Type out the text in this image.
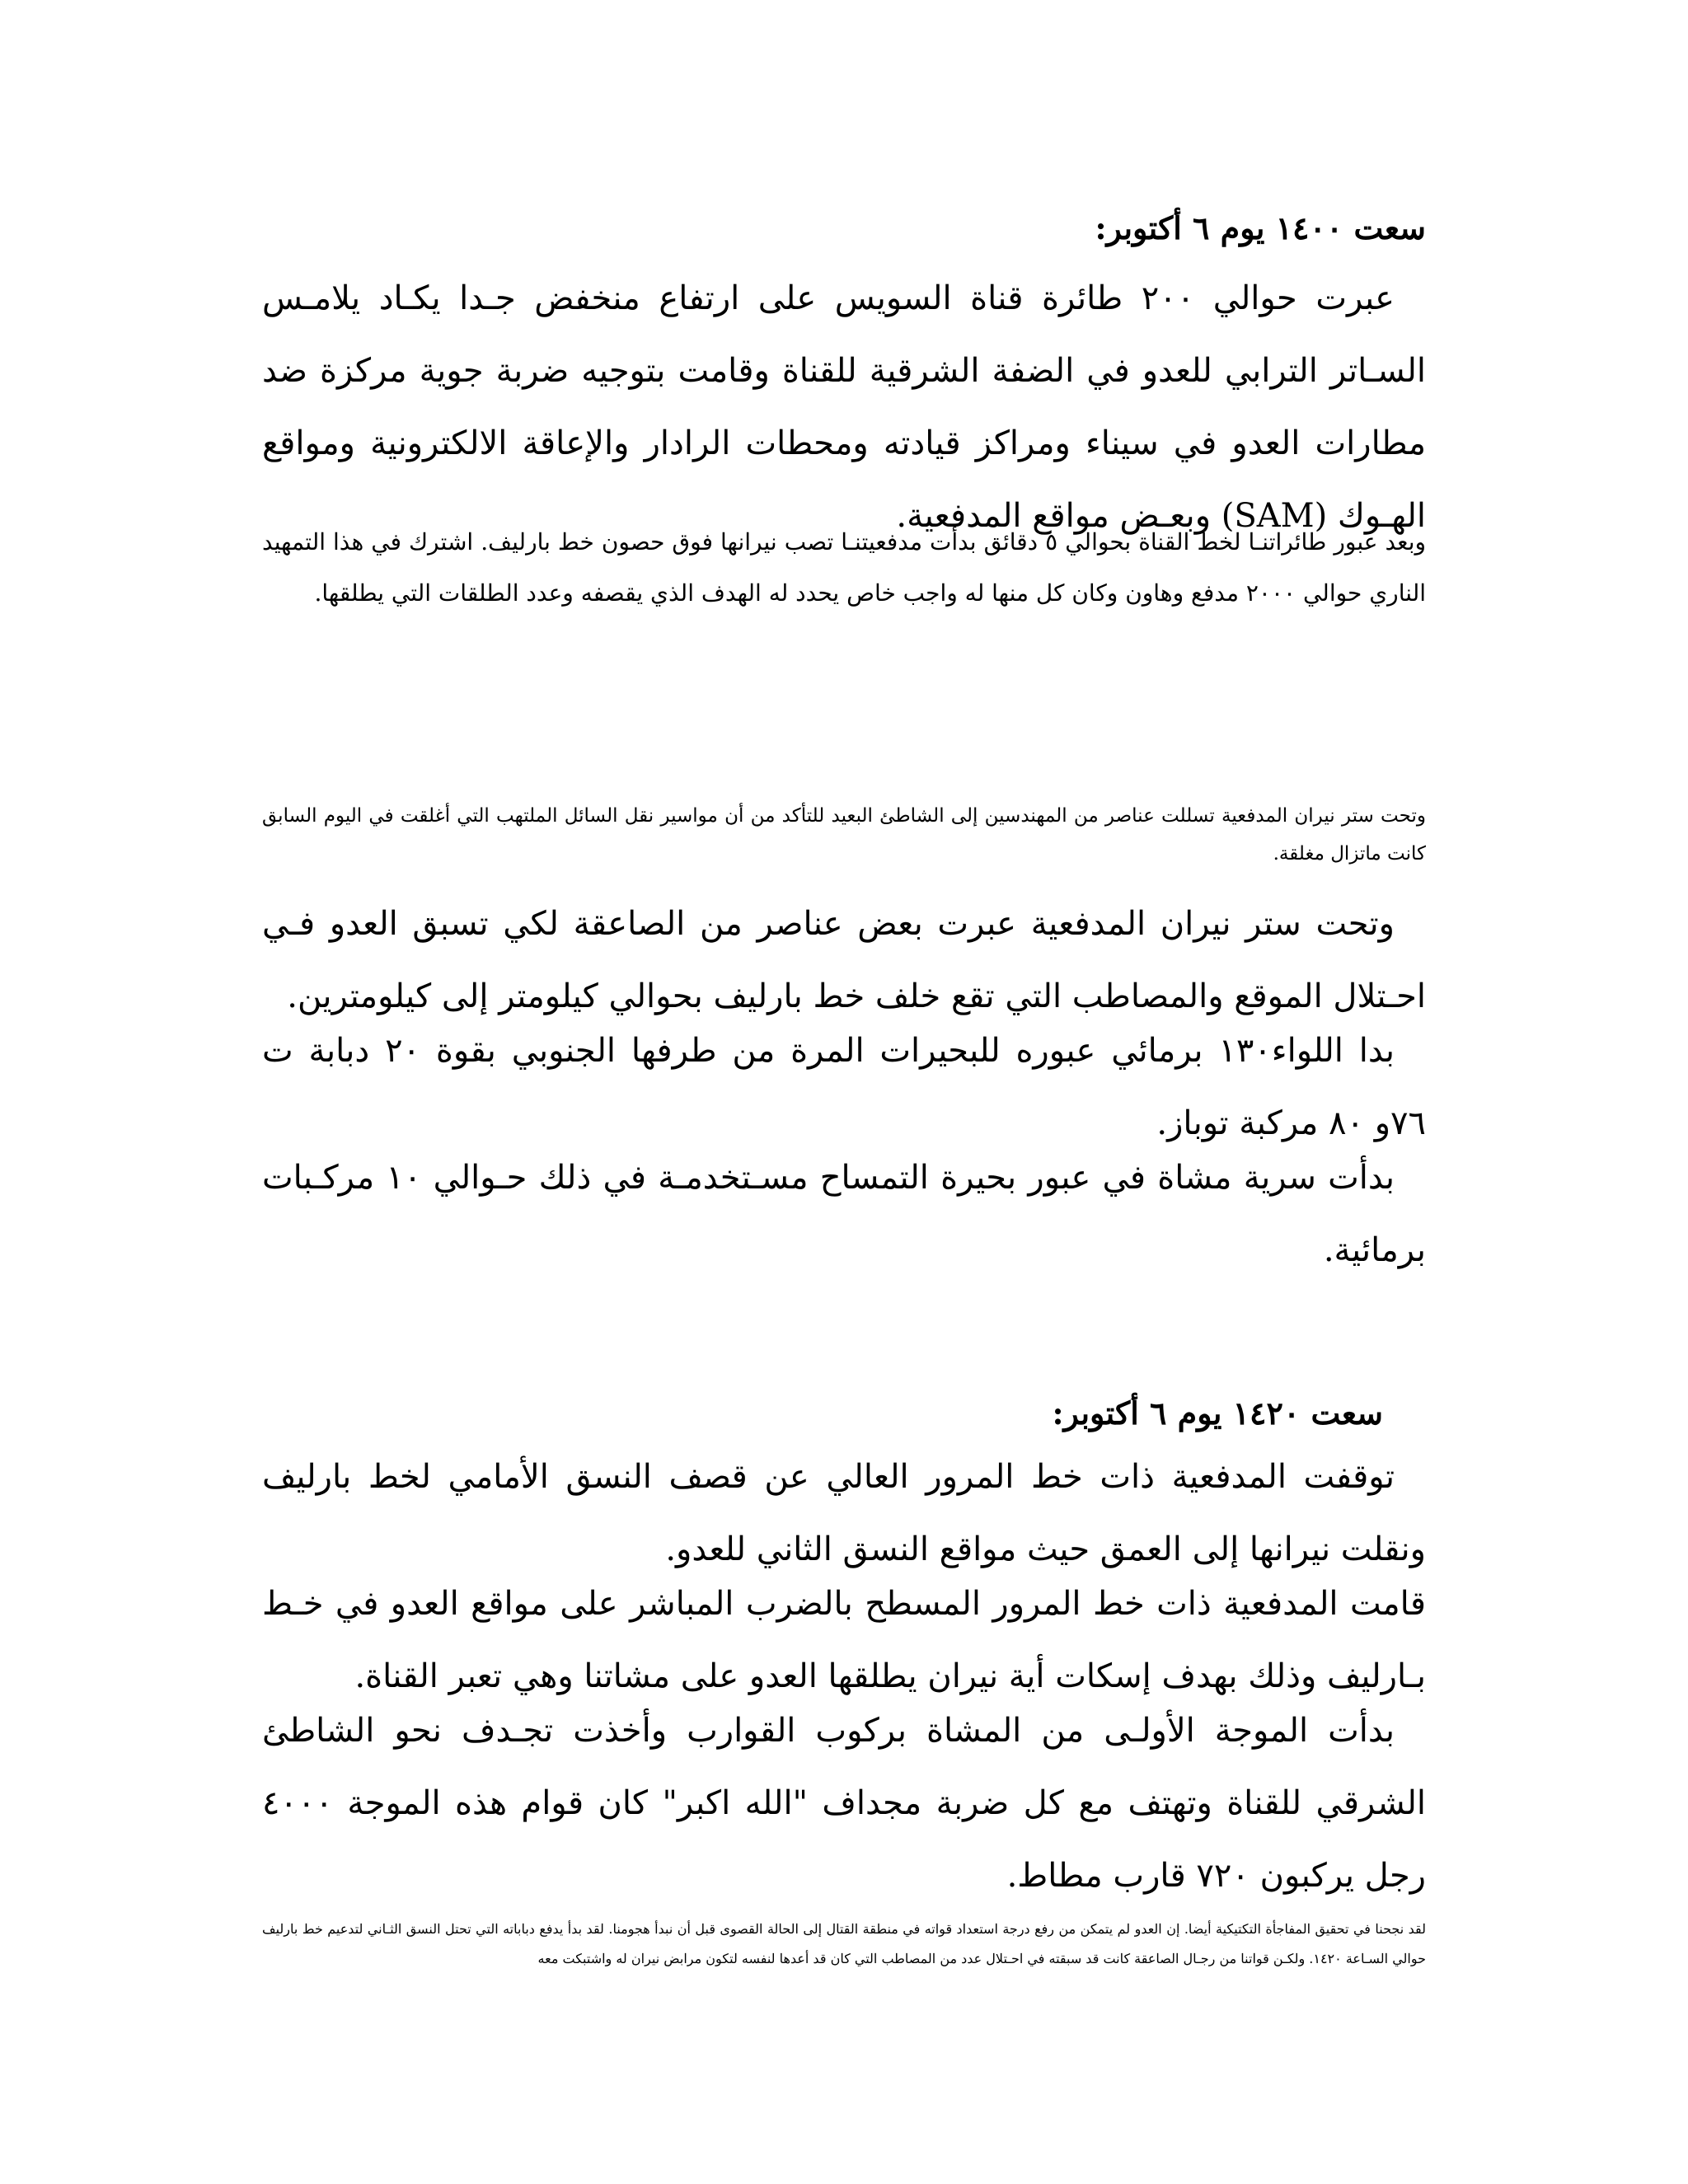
سعت ١٤٠٠ يوم ٦ أكتوبر:

عبرت حوالي ٢٠٠ طائرة قناة السويس على ارتفاع منخفض جـدا يكـاد يلامـس السـاتر الترابي للعدو في الضفة الشرقية للقناة وقامت بتوجيه ضربة جوية مركزة ضد مطارات العدو في سيناء ومراكز قيادته ومحطات الرادار والإعاقة الالكترونية ومواقع الهـوك (SAM) وبعـض مواقع المدفعية.

وبعد عبور طائراتنـا لخط القناة بحوالي ٥ دقائق بدأت مدفعيتنـا تصب نيرانها فوق حصون خط بارليف. اشترك في هذا التمهيد الناري حوالي ٢٠٠٠ مدفع وهاون وكان كل منها له واجب خاص يحدد له الهدف الذي يقصفه وعدد الطلقات التي يطلقها.

وتحت ستر نيران المدفعية تسللت عناصر من المهندسين إلى الشاطئ البعيد للتأكد من أن مواسير نقل السائل الملتهب التي أغلقت في اليوم السابق كانت ماتزال مغلقة.

وتحت ستر نيران المدفعية عبرت بعض عناصر من الصاعقة لكي تسبق العدو فـي احـتلال الموقع والمصاطب التي تقع خلف خط بارليف بحوالي كيلومتر إلى كيلومترين.

بدا اللواء١٣٠ برمائي عبوره للبحيرات المرة من طرفها الجنوبي بقوة ٢٠ دبابة ت ٧٦و ٨٠ مركبة توباز.

بدأت سرية مشاة في عبور بحيرة التمساح مسـتخدمـة في ذلك حـوالي ١٠ مركـبات برمائية.

سعت ١٤٢٠ يوم ٦ أكتوبر:

توقفت المدفعية ذات خط المرور العالي عن قصف النسق الأمامي لخط بارليف ونقلت نيرانها إلى العمق حيث مواقع النسق الثاني للعدو.

قامت المدفعية ذات خط المرور المسطح بالضرب المباشر على مواقع العدو في خـط بـارليف وذلك بهدف إسكات أية نيران يطلقها العدو على مشاتنا وهي تعبر القناة.

بدأت الموجة الأولـى من المشاة بركوب القوارب وأخذت تجـدف نحو الشاطئ الشرقي للقناة وتهتف مع كل ضربة مجداف "الله اكبر" كان قوام هذه الموجة ٤٠٠٠ رجل يركبون ٧٢٠ قارب مطاط.

لقد نجحنا في تحقيق المفاجأة التكتيكية أيضا. إن العدو لم يتمكن من رفع درجة استعداد قواته في منطقة القتال إلى الحالة القصوى قبل أن نبدأ هجومنا. لقد بدأ يدفع دباباته التي تحتل النسق الثـاني لتدعيم خط بارليف حوالي السـاعة ١٤٢٠. ولكـن قواتنا من رجـال الصاعقة كانت قد سبقته في احـتلال عدد من المصاطب التي كان قد أعدها لنفسه لتكون مرابض نيران له واشتبكت معه
